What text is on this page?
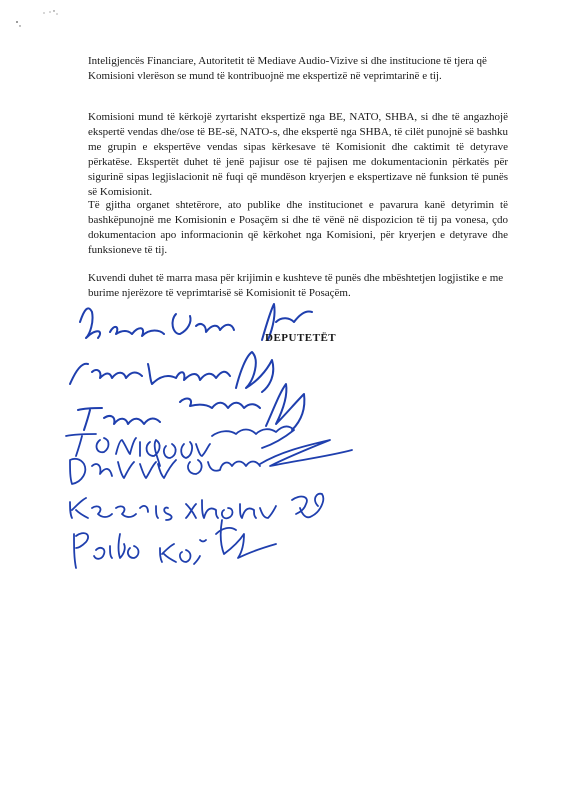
Inteligjencës Financiare, Autoritetit të Mediave Audio-Vizive si dhe institucione të tjera që Komisioni vlerëson se mund të kontribuojnë me ekspertizë në veprimtarinë e tij.

Komisioni mund të kërkojë zyrtarisht ekspertizë nga BE, NATO, SHBA, si dhe të angazhojë ekspertë vendas dhe/ose të BE-së, NATO-s, dhe ekspertë nga SHBA, të cilët punojnë së bashku me grupin e ekspertëve vendas sipas kërkesave të Komisionit dhe caktimit të detyrave përkatëse. Ekspertët duhet të jenë pajisur ose të pajisen me dokumentacionin përkatës për sigurinë sipas legjislacionit në fuqi që mundëson kryerjen e ekspertizave në funksion të punës së Komisionit.

Të gjitha organet shtetërore, ato publike dhe institucionet e pavarura kanë detyrimin të bashkëpunojnë me Komisionin e Posaçëm si dhe të vënë në dispozicion të tij pa vonesa, çdo dokumentacion apo informacionin që kërkohet nga Komisioni, për kryerjen e detyrave dhe funksioneve të tij.

Kuvendi duhet të marra masa për krijimin e kushteve të punës dhe mbështetjen logjistike e me burime njerëzore të veprimtarisë së Komisionit të Posaçëm.

DEPUTETËT
